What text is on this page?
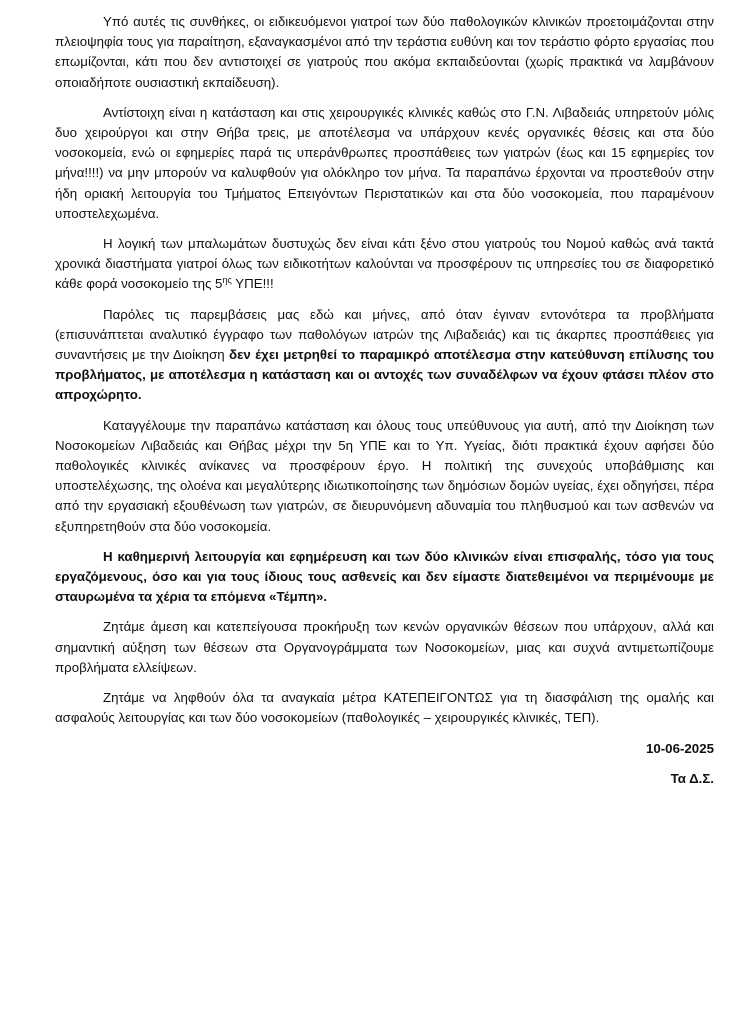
Υπό αυτές τις συνθήκες, οι ειδικευόμενοι γιατροί των δύο παθολογικών κλινικών προετοιμάζονται στην πλειοψηφία τους για παραίτηση, εξαναγκασμένοι από την τεράστια ευθύνη και τον τεράστιο φόρτο εργασίας που επωμίζονται, κάτι που δεν αντιστοιχεί σε γιατρούς που ακόμα εκπαιδεύονται (χωρίς πρακτικά να λαμβάνουν οποιαδήποτε ουσιαστική εκπαίδευση).

Αντίστοιχη είναι η κατάσταση και στις χειρουργικές κλινικές καθώς στο Γ.Ν. Λιβαδειάς υπηρετούν μόλις δυο χειρούργοι και στην Θήβα τρεις, με αποτέλεσμα να υπάρχουν κενές οργανικές θέσεις και στα δύο νοσοκομεία, ενώ οι εφημερίες παρά τις υπεράνθρωπες προσπάθειες των γιατρών (έως και 15 εφημερίες τον μήνα!!!!) να μην μπορούν να καλυφθούν για ολόκληρο τον μήνα. Τα παραπάνω έρχονται να προστεθούν στην ήδη οριακή λειτουργία του Τμήματος Επειγόντων Περιστατικών και στα δύο νοσοκομεία, που παραμένουν υποστελεχωμένα.

Η λογική των μπαλωμάτων δυστυχώς δεν είναι κάτι ξένο στου γιατρούς του Νομού καθώς ανά τακτά χρονικά διαστήματα γιατροί όλως των ειδικοτήτων καλούνται να προσφέρουν τις υπηρεσίες του σε διαφορετικό κάθε φορά νοσοκομείο της $5^{\eta\varsigma}$ ΥΠΕ!!!

Παρόλες τις παρεμβάσεις μας εδώ και μήνες, από όταν έγιναν εντονότερα τα προβλήματα (επισυνάπτεται αναλυτικό έγγραφο των παθολόγων ιατρών της Λιβαδειάς) και τις άκαρπες προσπάθειες για συναντήσεις με την Διοίκηση δεν έχει μετρηθεί το παραμικρό αποτέλεσμα στην κατεύθυνση επίλυσης του προβλήματος, με αποτέλεσμα η κατάσταση και οι αντοχές των συναδέλφων να έχουν φτάσει πλέον στο απροχώρητο.

Καταγγέλουμε την παραπάνω κατάσταση και όλους τους υπεύθυνους για αυτή, από την Διοίκηση των Νοσοκομείων Λιβαδειάς και Θήβας μέχρι την 5η ΥΠΕ και το Υπ. Υγείας, διότι πρακτικά έχουν αφήσει δύο παθολογικές κλινικές ανίκανες να προσφέρουν έργο. Η πολιτική της συνεχούς υποβάθμισης και υποστελέχωσης, της ολοένα και μεγαλύτερης ιδιωτικοποίησης των δημόσιων δομών υγείας, έχει οδηγήσει, πέρα από την εργασιακή εξουθένωση των γιατρών, σε διευρυνόμενη αδυναμία του πληθυσμού και των ασθενών να εξυπηρετηθούν στα δύο νοσοκομεία.

Η καθημερινή λειτουργία και εφημέρευση και των δύο κλινικών είναι επισφαλής, τόσο για τους εργαζόμενους, όσο και για τους ίδιους τους ασθενείς και δεν είμαστε διατεθειμένοι να περιμένουμε με σταυρωμένα τα χέρια τα επόμενα «Τέμπη».

Ζητάμε άμεση και κατεπείγουσα προκήρυξη των κενών οργανικών θέσεων που υπάρχουν, αλλά και σημαντική αύξηση των θέσεων στα Οργανογράμματα των Νοσοκομείων, μιας και συχνά αντιμετωπίζουμε προβλήματα ελλείψεων.

Ζητάμε να ληφθούν όλα τα αναγκαία μέτρα ΚΑΤΕΠΕΙΓΟΝΤΩΣ για τη διασφάλιση της ομαλής και ασφαλούς λειτουργίας και των δύο νοσοκομείων (παθολογικές – χειρουργικές κλινικές, ΤΕΠ).

10-06-2025

Τα Δ.Σ.
